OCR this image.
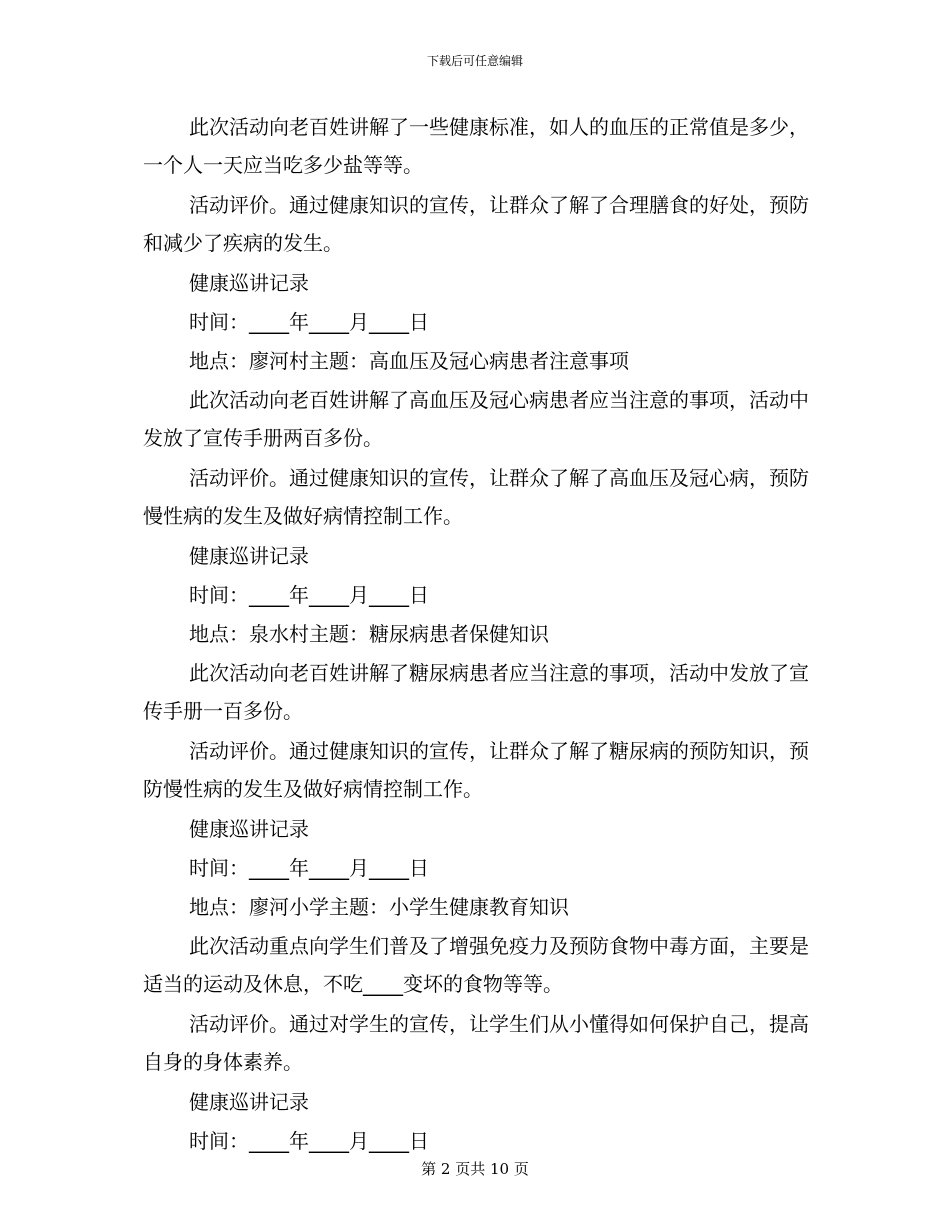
下载后可任意编辑

此次活动向老百姓讲解了一些健康标准，如人的血压的正常值是多少，一个人一天应当吃多少盐等等。

活动评价。通过健康知识的宣传，让群众了解了合理膳食的好处，预防和减少了疾病的发生。

健康巡讲记录

时间：____年____月____日

地点：廖河村主题：高血压及冠心病患者注意事项

此次活动向老百姓讲解了高血压及冠心病患者应当注意的事项，活动中发放了宣传手册两百多份。

活动评价。通过健康知识的宣传，让群众了解了高血压及冠心病，预防慢性病的发生及做好病情控制工作。

健康巡讲记录

时间：____年____月____日

地点：泉水村主题：糖尿病患者保健知识

此次活动向老百姓讲解了糖尿病患者应当注意的事项，活动中发放了宣传手册一百多份。

活动评价。通过健康知识的宣传，让群众了解了糖尿病的预防知识，预防慢性病的发生及做好病情控制工作。

健康巡讲记录

时间：____年____月____日

地点：廖河小学主题：小学生健康教育知识

此次活动重点向学生们普及了增强免疫力及预防食物中毒方面，主要是适当的运动及休息，不吃____变坏的食物等等。

活动评价。通过对学生的宣传，让学生们从小懂得如何保护自己，提高自身的身体素养。

健康巡讲记录

时间：____年____月____日

第 2 页共 10 页
